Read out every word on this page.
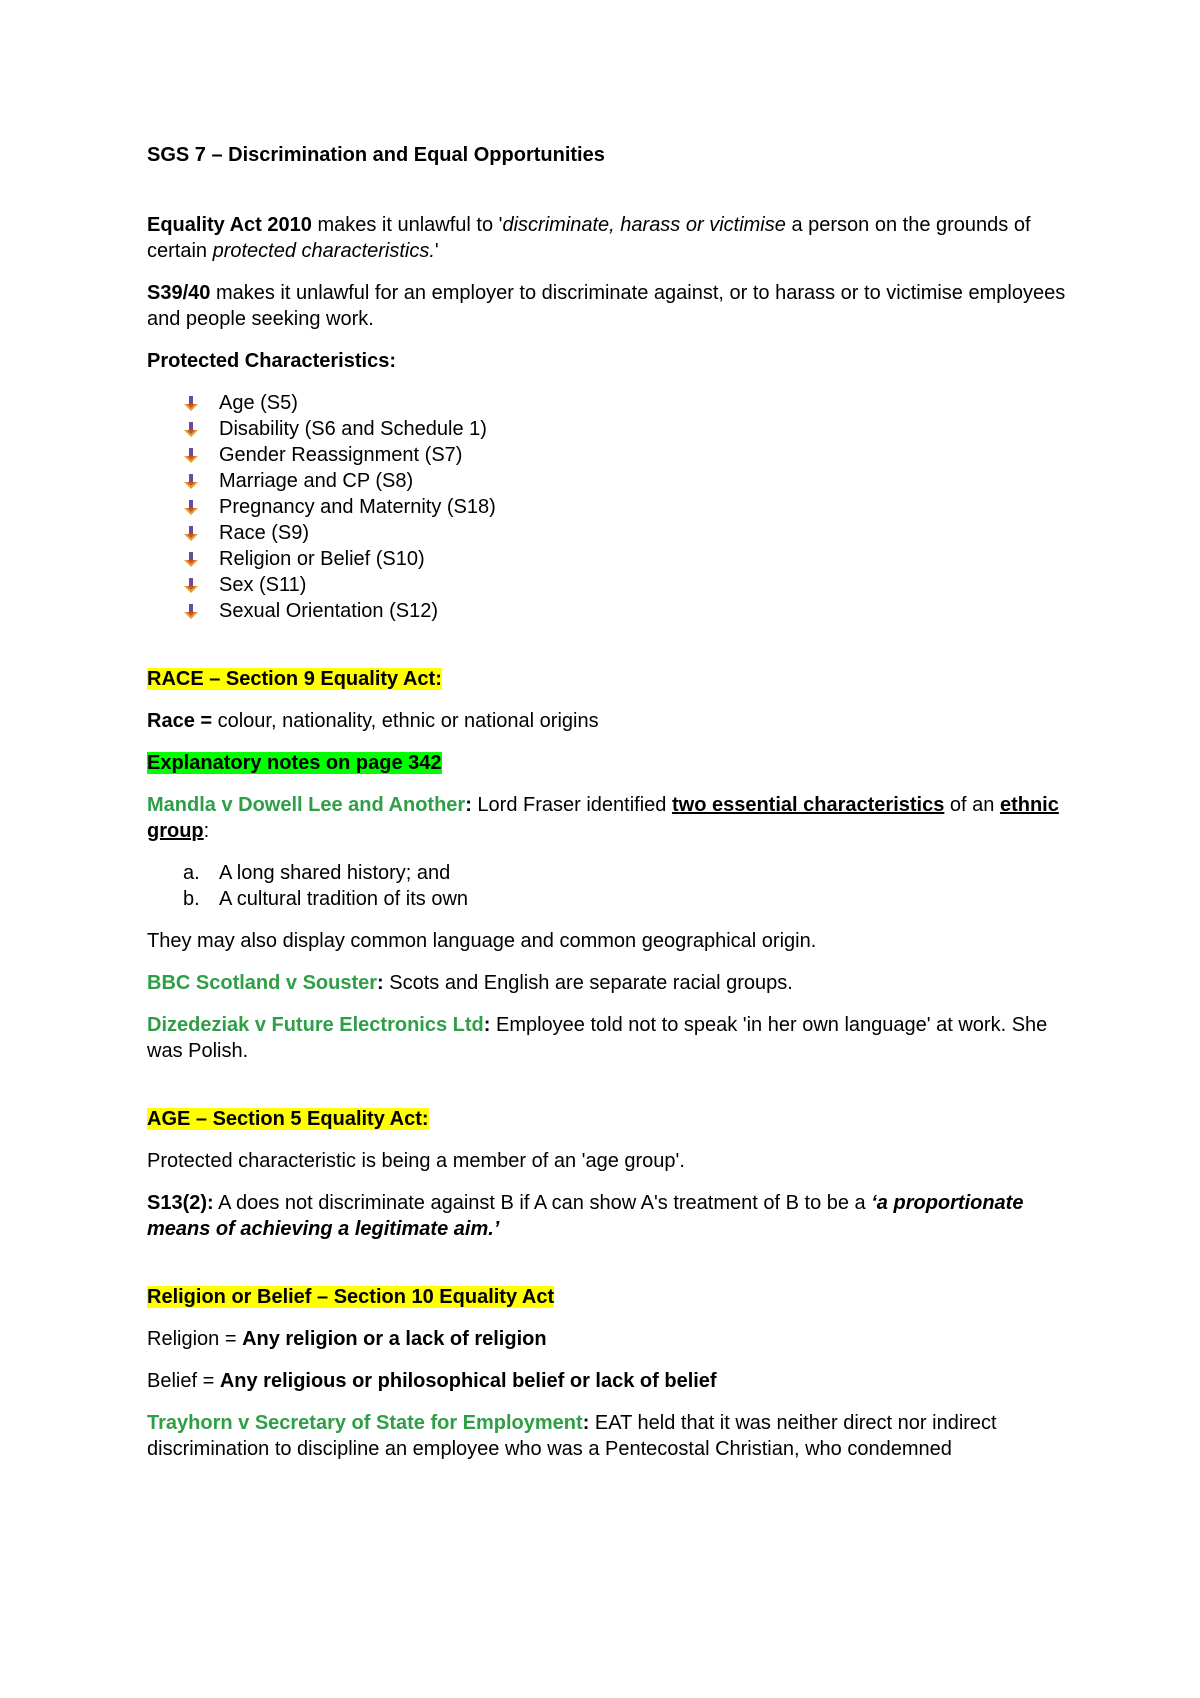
SGS 7 – Discrimination and Equal Opportunities

Equality Act 2010 makes it unlawful to 'discriminate, harass or victimise a person on the grounds of certain protected characteristics.'

S39/40 makes it unlawful for an employer to discriminate against, or to harass or to victimise employees and people seeking work.

Protected Characteristics:

Age (S5)
Disability (S6 and Schedule 1)
Gender Reassignment (S7)
Marriage and CP (S8)
Pregnancy and Maternity (S18)
Race (S9)
Religion or Belief (S10)
Sex (S11)
Sexual Orientation (S12)

RACE – Section 9 Equality Act:

Race = colour, nationality, ethnic or national origins

Explanatory notes on page 342

Mandla v Dowell Lee and Another: Lord Fraser identified two essential characteristics of an ethnic group:

a. A long shared history; and
b. A cultural tradition of its own

They may also display common language and common geographical origin.

BBC Scotland v Souster: Scots and English are separate racial groups.

Dizedeziak v Future Electronics Ltd: Employee told not to speak 'in her own language' at work. She was Polish.

AGE – Section 5 Equality Act:

Protected characteristic is being a member of an 'age group'.

S13(2): A does not discriminate against B if A can show A's treatment of B to be a ‘a proportionate means of achieving a legitimate aim.’

Religion or Belief – Section 10 Equality Act

Religion = Any religion or a lack of religion

Belief = Any religious or philosophical belief or lack of belief

Trayhorn v Secretary of State for Employment: EAT held that it was neither direct nor indirect discrimination to discipline an employee who was a Pentecostal Christian, who condemned
